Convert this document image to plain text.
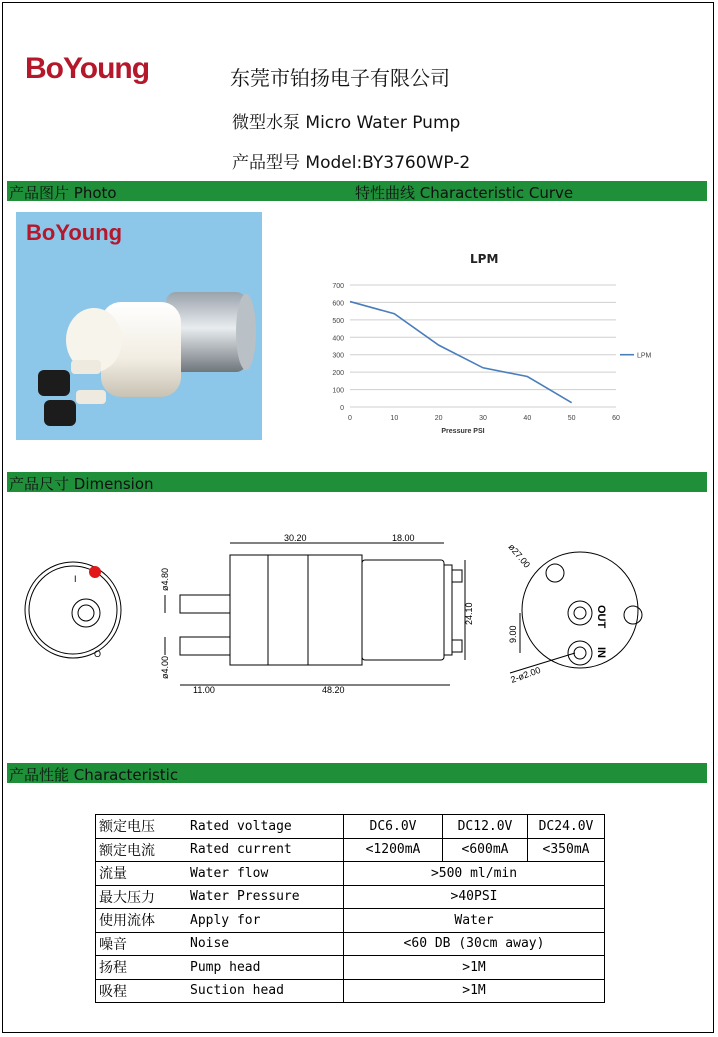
BoYoung	东莞市铂扬电子有限公司
微型水泵 Micro Water Pump
产品型号 Model:BY3760WP-2
产品图片 Photo	特性曲线 Characteristic Curve
BoYoung
LPM
0
100
200
300
400
500
600
700
0	10	20	30	40	50	60
Pressure PSI
LPM
产品尺寸 Dimension
I
O
30.20	18.00
ø4.80
24.10
ø4.00
11.00	48.20
ø27.00
9.00
2-ø2.00
OUT
IN
产品性能 Characteristic
额定电压	Rated voltage	DC6.0V	DC12.0V	DC24.0V
额定电流	Rated current	<1200mA	<600mA	<350mA
流量	Water flow	>500 ml/min		
最大压力	Water Pressure	>40PSI		
使用流体	Apply for	Water		
噪音	Noise	<60 DB (30cm away)		
扬程	Pump head	>1M		
吸程	Suction head	>1M		
